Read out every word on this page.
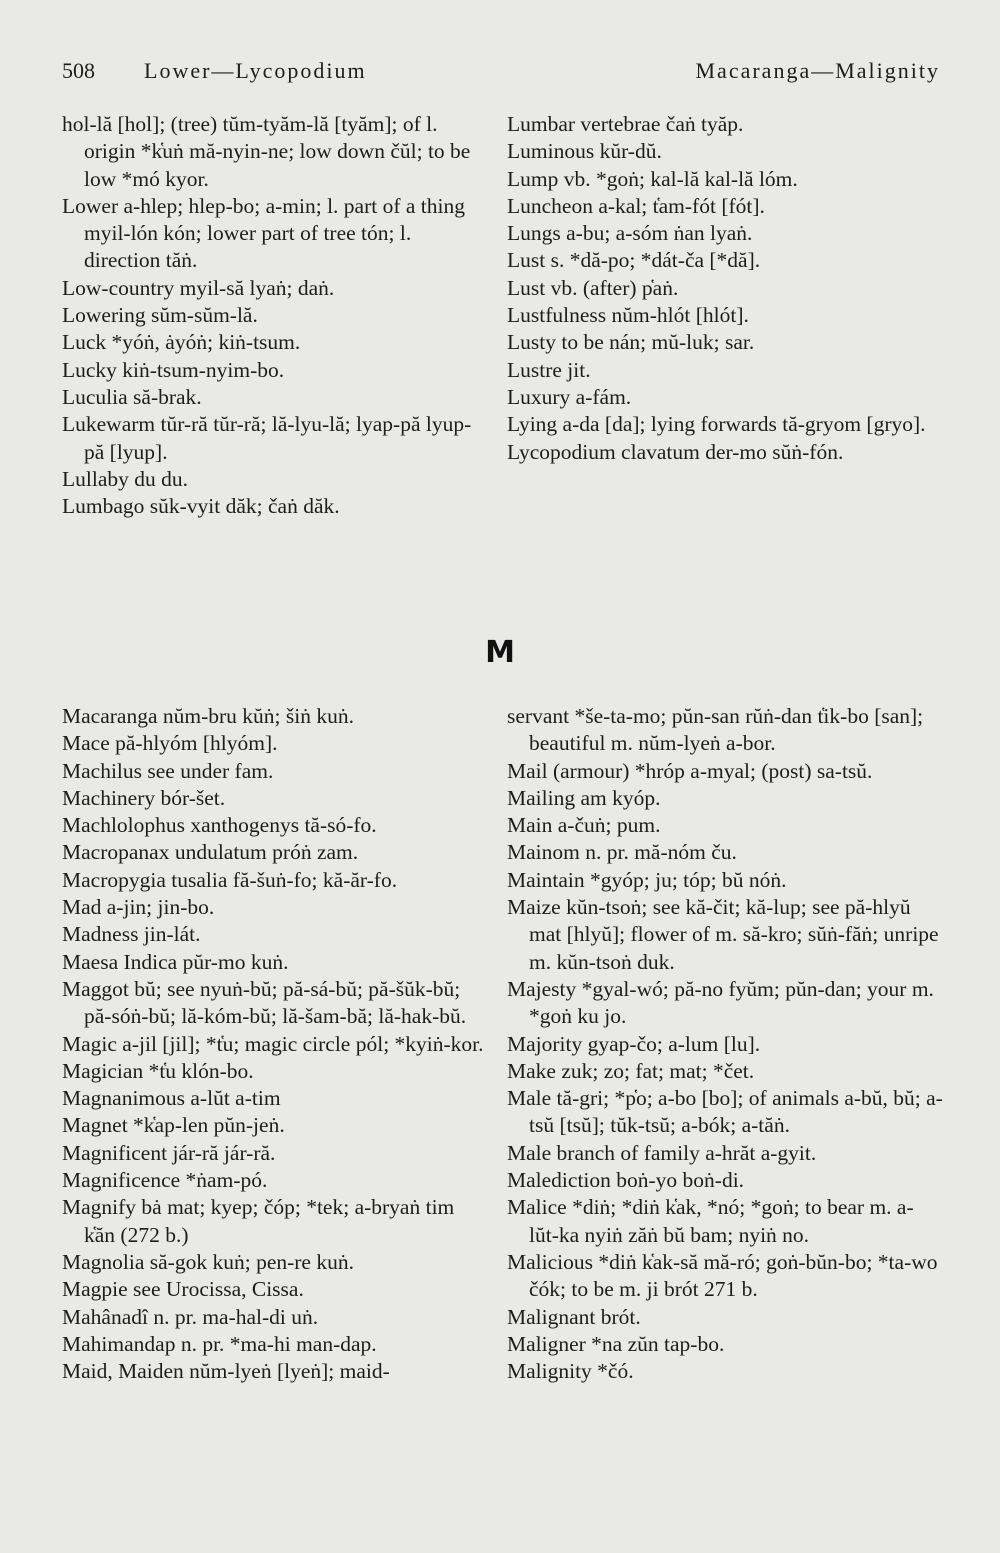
508 Lower—Lycopodium	Macaranga—Malignity

hol-lă [hol]; (tree) tŭm-tyăm-lă [tyăm]; of l. origin *k̔uṅ mă-nyin-ne; low down čŭl; to be low *mó kyor.

Lower a-hlep; hlep-bo; a-min; l. part of a thing myil-lón kón; lower part of tree tón; l. direction tăṅ.

Low-country myil-să lyaṅ; daṅ.

Lowering sŭm-sŭm-lă.

Luck *yóṅ, ȧyóṅ; kiṅ-tsum.

Lucky kiṅ-tsum-nyim-bo.

Luculia să-brak.

Lukewarm tŭr-ră tŭr-ră; lă-lyu-lă; lyap-pă lyup-pă [lyup].

Lullaby du du.

Lumbago sŭk-vyit dăk; čaṅ dăk.

Lumbar vertebrae čaṅ tyăp.

Luminous kŭr-dŭ.

Lump vb. *goṅ; kal-lă kal-lă lóm.

Luncheon a-kal; t̔am-fót [fót].

Lungs a-bu; a-sóm ṅan lyaṅ.

Lust s. *dă-po; *dát-ča [*dă].

Lust vb. (after) p̔aṅ.

Lustfulness nŭm-hlót [hlót].

Lusty to be nán; mŭ-luk; sar.

Lustre jit.

Luxury a-fám.

Lying a-da [da]; lying forwards tă-gryom [gryo].

Lycopodium clavatum der-mo sŭṅ-fón.

M

Macaranga nŭm-bru kŭṅ; šiṅ kuṅ.

Mace pă-hlyóm [hlyóm].

Machilus see under fam.

Machinery bór-šet.

Machlolophus xanthogenys tă-só-fo.

Macropanax undulatum próṅ zam.

Macropygia tusalia fă-šuṅ-fo; kă-ăr-fo.

Mad a-jin; jin-bo.

Madness jin-lát.

Maesa Indica pŭr-mo kuṅ.

Maggot bŭ; see nyuṅ-bŭ; pă-sá-bŭ; pă-šŭk-bŭ; pă-sóṅ-bŭ; lă-kóm-bŭ; lă-šam-bă; lă-hak-bŭ.

Magic a-jil [jil]; *t̔u; magic circle pól; *kyiṅ-kor.

Magician *t̔u klón-bo.

Magnanimous a-lŭt a-tim

Magnet *k̔ap-len pŭn-jeṅ.

Magnificent jár-ră jár-ră.

Magnificence *ṅam-pó.

Magnify bȧ mat; kyep; čóp; *tek; a-bryaṅ tim k̔ăn (272 b.)

Magnolia să-gok kuṅ; pen-re kuṅ.

Magpie see Urocissa, Cissa.

Mahânadî n. pr. ma-hal-di uṅ.

Mahimandap n. pr. *ma-hi man-dap.

Maid, Maiden nŭm-lyeṅ [lyeṅ]; maid-

servant *še-ta-mo; pŭn-san rŭṅ-dan t̔ik-bo [san]; beautiful m. nŭm-lyeṅ a-bor.

Mail (armour) *hróp a-myal; (post) sa-tsŭ.

Mailing am kyóp.

Main a-čuṅ; pum.

Mainom n. pr. mă-nóm ču.

Maintain *gyóp; ju; tóp; bŭ nóṅ.

Maize kŭn-tsoṅ; see kă-čit; kă-lup; see pă-hlyŭ mat [hlyŭ]; flower of m. să-kro; sŭṅ-făṅ; unripe m. kŭn-tsoṅ duk.

Majesty *gyal-wó; pă-no fyŭm; pŭn-dan; your m. *goṅ ku jo.

Majority gyap-čo; a-lum [lu].

Make zuk; zo; fat; mat; *čet.

Male tă-gri; *p̔o; a-bo [bo]; of animals a-bŭ, bŭ; a-tsŭ [tsŭ]; tŭk-tsŭ; a-bók; a-tăṅ.

Male branch of family a-hrăt a-gyit.

Malediction boṅ-yo boṅ-di.

Malice *diṅ; *diṅ k̔ak, *nó; *goṅ; to bear m. a-lŭt-ka nyiṅ zăṅ bŭ bam; nyiṅ no.

Malicious *diṅ k̔ak-să mă-ró; goṅ-bŭn-bo; *ta-wo čók; to be m. ji brót 271 b.

Malignant brót.

Maligner *na zŭn tap-bo.

Malignity *čó.
